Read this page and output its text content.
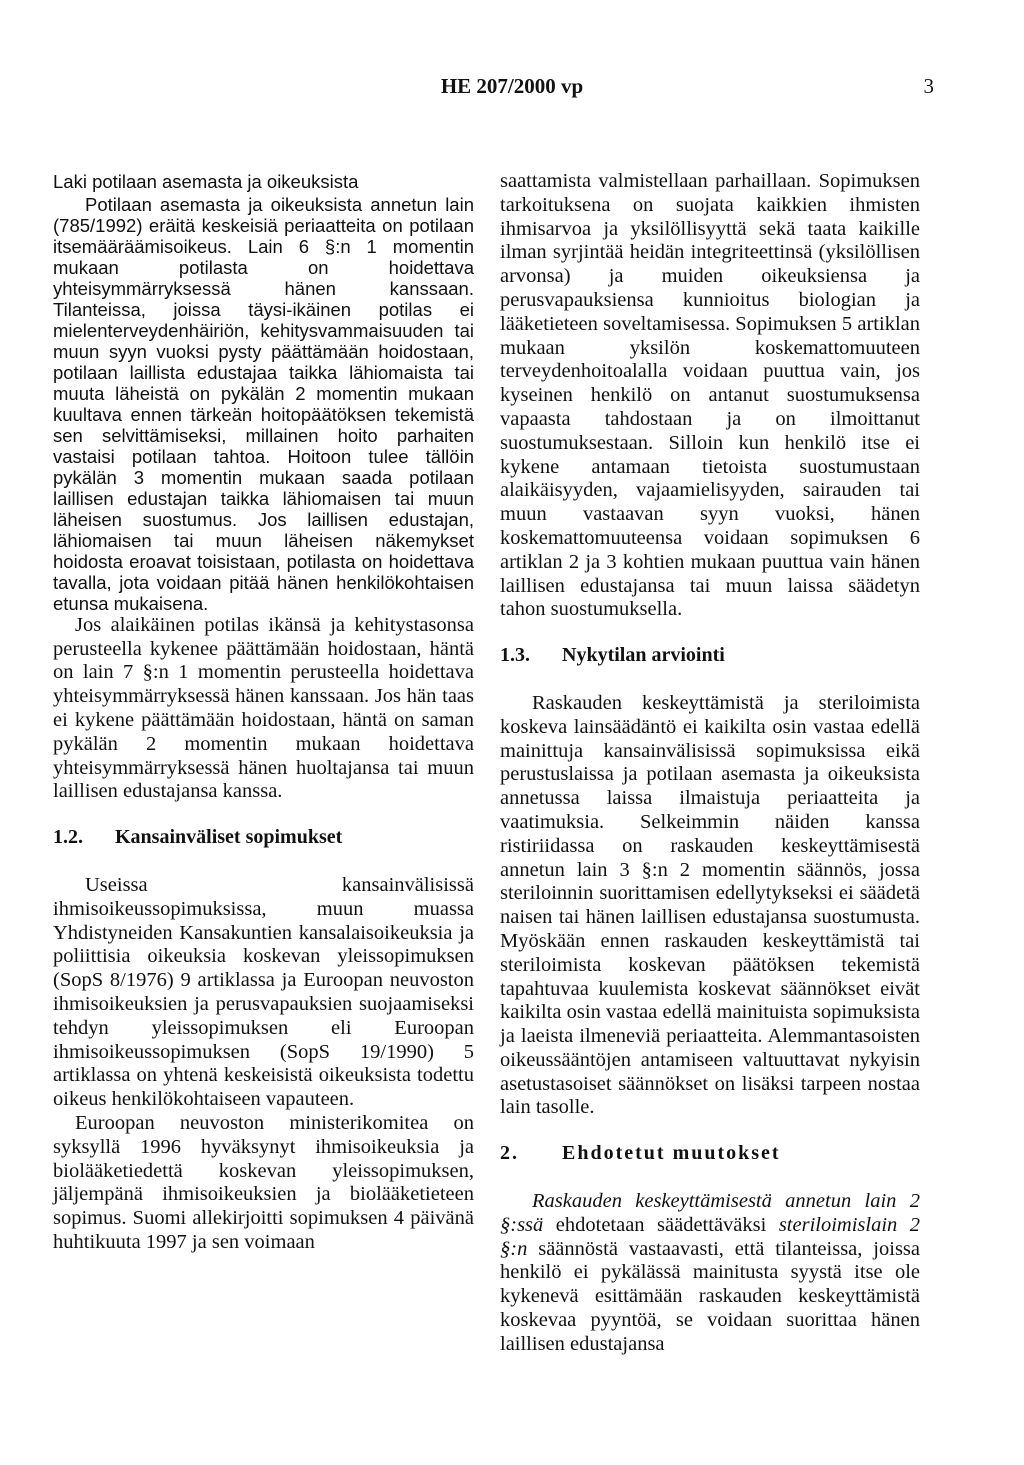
HE 207/2000 vp	3

Laki potilaan asemasta ja oikeuksista

Potilaan asemasta ja oikeuksista annetun lain (785/1992) eräitä keskeisiä periaatteita on potilaan itsemääräämisoikeus. Lain 6 §:n 1 momentin mukaan potilasta on hoidettava yhteisymmärryksessä hänen kanssaan. Tilanteissa, joissa täysi-ikäinen potilas ei mielenterveydenhäiriön, kehitysvammaisuuden tai muun syyn vuoksi pysty päättämään hoidostaan, potilaan laillista edustajaa taikka lähiomaista tai muuta läheistä on pykälän 2 momentin mukaan kuultava ennen tärkeän hoitopäätöksen tekemistä sen selvittämiseksi, millainen hoito parhaiten vastaisi potilaan tahtoa. Hoitoon tulee tällöin pykälän 3 momentin mukaan saada potilaan laillisen edustajan taikka lähiomaisen tai muun läheisen suostumus. Jos laillisen edustajan, lähiomaisen tai muun läheisen näkemykset hoidosta eroavat toisistaan, potilasta on hoidettava tavalla, jota voidaan pitää hänen henkilökohtaisen etunsa mukaisena.

Jos alaikäinen potilas ikänsä ja kehitystasonsa perusteella kykenee päättämään hoidostaan, häntä on lain 7 §:n 1 momentin perusteella hoidettava yhteisymmärryksessä hänen kanssaan. Jos hän taas ei kykene päättämään hoidostaan, häntä on saman pykälän 2 momentin mukaan hoidettava yhteisymmärryksessä hänen huoltajansa tai muun laillisen edustajansa kanssa.

1.2. Kansainväliset sopimukset

Useissa kansainvälisissä ihmisoikeussopimuksissa, muun muassa Yhdistyneiden Kansakuntien kansalaisoikeuksia ja poliittisia oikeuksia koskevan yleissopimuksen (SopS 8/1976) 9 artiklassa ja Euroopan neuvoston ihmisoikeuksien ja perusvapauksien suojaamiseksi tehdyn yleissopimuksen eli Euroopan ihmisoikeussopimuksen (SopS 19/1990) 5 artiklassa on yhtenä keskeisistä oikeuksista todettu oikeus henkilökohtaiseen vapauteen.

Euroopan neuvoston ministerikomitea on syksyllä 1996 hyväksynyt ihmisoikeuksia ja biolääketiedettä koskevan yleissopimuksen, jäljempänä ihmisoikeuksien ja biolääketieteen sopimus. Suomi allekirjoitti sopimuksen 4 päivänä huhtikuuta 1997 ja sen voimaan

saattamista valmistellaan parhaillaan. Sopimuksen tarkoituksena on suojata kaikkien ihmisten ihmisarvoa ja yksilöllisyyttä sekä taata kaikille ilman syrjintää heidän integriteettinsä (yksilöllisen arvonsa) ja muiden oikeuksiensa ja perusvapauksiensa kunnioitus biologian ja lääketieteen soveltamisessa. Sopimuksen 5 artiklan mukaan yksilön koskemattomuuteen terveydenhoitoalalla voidaan puuttua vain, jos kyseinen henkilö on antanut suostumuksensa vapaasta tahdostaan ja on ilmoittanut suostumuksestaan. Silloin kun henkilö itse ei kykene antamaan tietoista suostumustaan alaikäisyyden, vajaamielisyyden, sairauden tai muun vastaavan syyn vuoksi, hänen koskemattomuuteensa voidaan sopimuksen 6 artiklan 2 ja 3 kohtien mukaan puuttua vain hänen laillisen edustajansa tai muun laissa säädetyn tahon suostumuksella.

1.3. Nykytilan arviointi

Raskauden keskeyttämistä ja steriloimista koskeva lainsäädäntö ei kaikilta osin vastaa edellä mainittuja kansainvälisissä sopimuksissa eikä perustuslaissa ja potilaan asemasta ja oikeuksista annetussa laissa ilmaistuja periaatteita ja vaatimuksia. Selkeimmin näiden kanssa ristiriidassa on raskauden keskeyttämisestä annetun lain 3 §:n 2 momentin säännös, jossa steriloinnin suorittamisen edellytykseksi ei säädetä naisen tai hänen laillisen edustajansa suostumusta. Myöskään ennen raskauden keskeyttämistä tai steriloimista koskevan päätöksen tekemistä tapahtuvaa kuulemista koskevat säännökset eivät kaikilta osin vastaa edellä mainituista sopimuksista ja laeista ilmeneviä periaatteita. Alemmantasoisten oikeussääntöjen antamiseen valtuuttavat nykyisin asetustasoiset säännökset on lisäksi tarpeen nostaa lain tasolle.

2. Ehdotetut muutokset

Raskauden keskeyttämisestä annetun lain 2 §:ssä ehdotetaan säädettäväksi steriloimislain 2 §:n säännöstä vastaavasti, että tilanteissa, joissa henkilö ei pykälässä mainitusta syystä itse ole kykenevä esittämään raskauden keskeyttämistä koskevaa pyyntöä, se voidaan suorittaa hänen laillisen edustajansa
